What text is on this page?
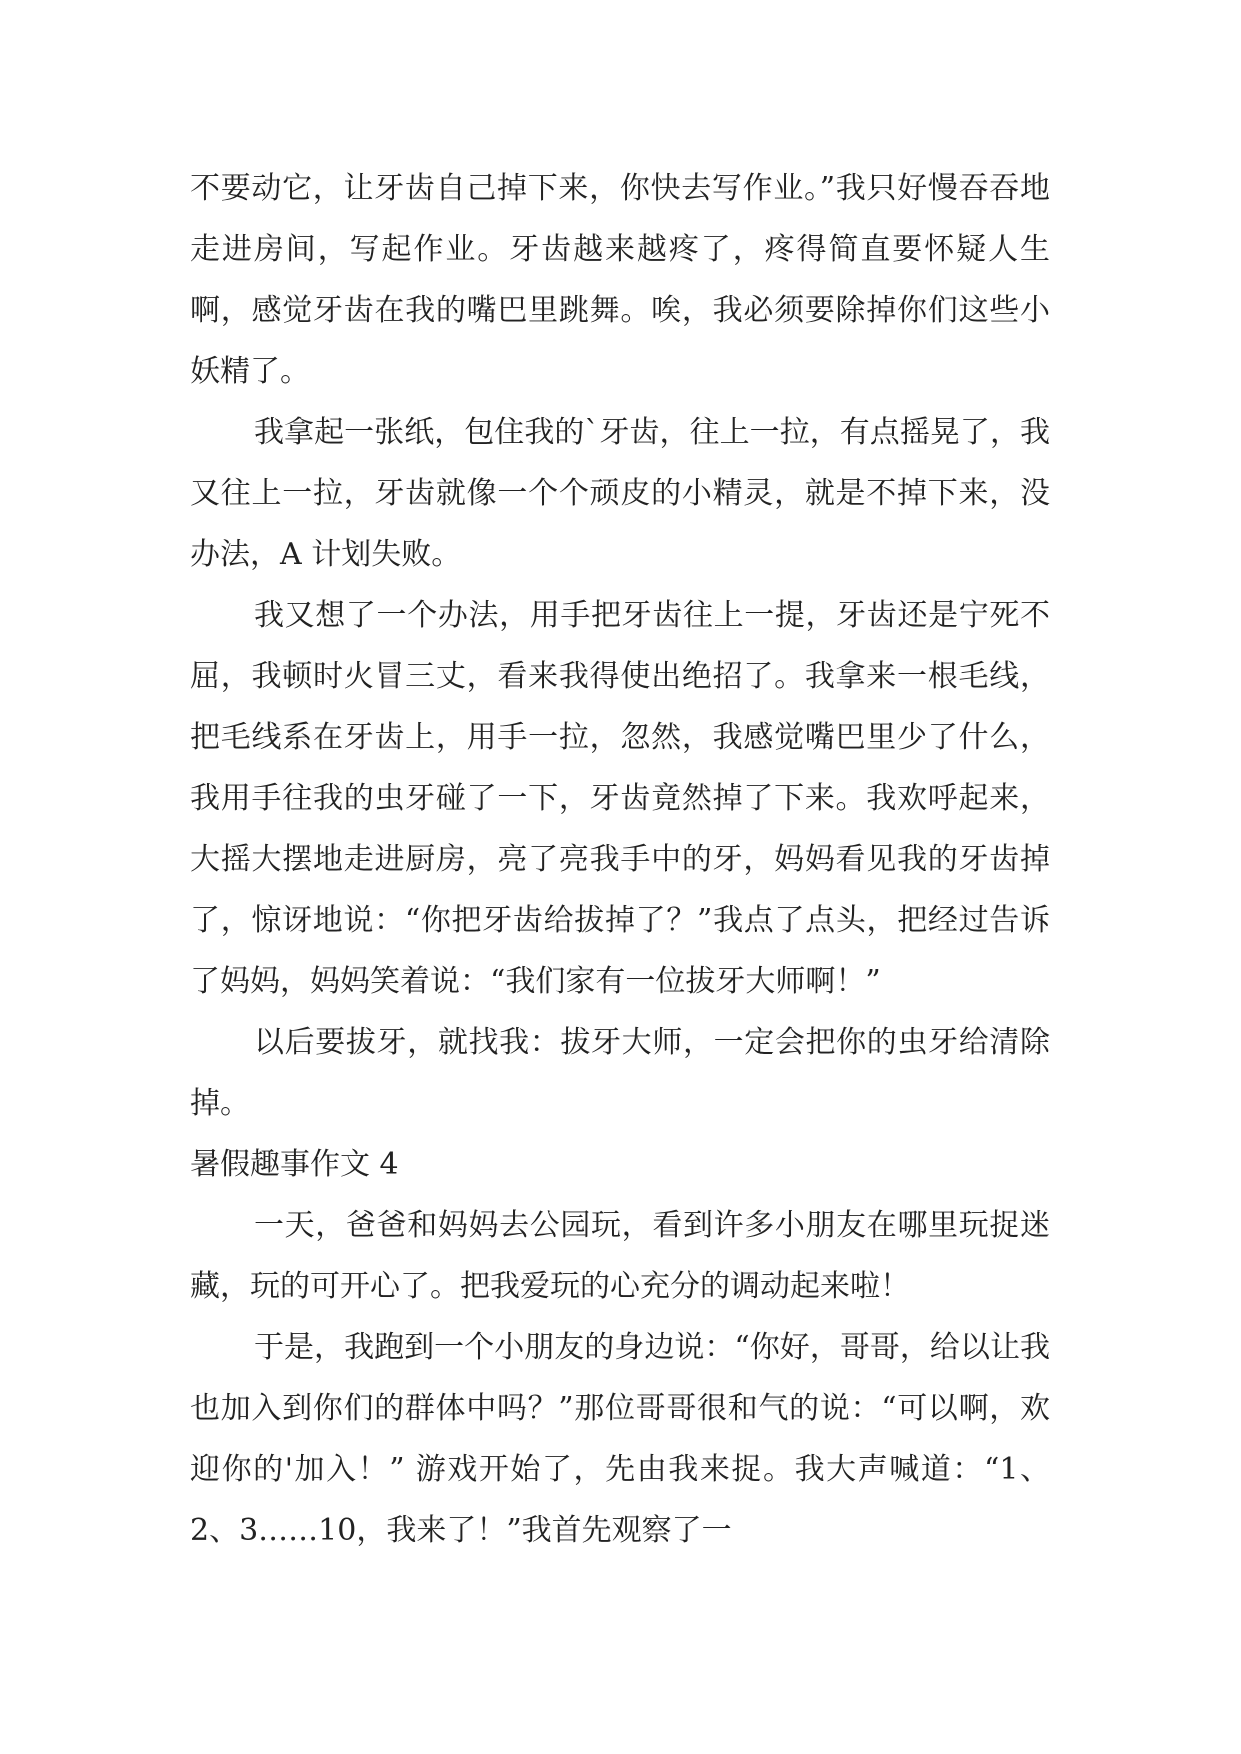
不要动它，让牙齿自己掉下来，你快去写作业。”我只好慢吞吞地走进房间，写起作业。牙齿越来越疼了，疼得简直要怀疑人生啊，感觉牙齿在我的嘴巴里跳舞。唉，我必须要除掉你们这些小妖精了。

我拿起一张纸，包住我的`牙齿，往上一拉，有点摇晃了，我又往上一拉，牙齿就像一个个顽皮的小精灵，就是不掉下来，没办法，A 计划失败。

我又想了一个办法，用手把牙齿往上一提，牙齿还是宁死不屈，我顿时火冒三丈，看来我得使出绝招了。我拿来一根毛线，把毛线系在牙齿上，用手一拉，忽然，我感觉嘴巴里少了什么，我用手往我的虫牙碰了一下，牙齿竟然掉了下来。我欢呼起来，大摇大摆地走进厨房，亮了亮我手中的牙，妈妈看见我的牙齿掉了，惊讶地说：“你把牙齿给拔掉了？”我点了点头，把经过告诉了妈妈，妈妈笑着说：“我们家有一位拔牙大师啊！”

以后要拔牙，就找我：拔牙大师，一定会把你的虫牙给清除掉。

暑假趣事作文 4

一天，爸爸和妈妈去公园玩，看到许多小朋友在哪里玩捉迷藏，玩的可开心了。把我爱玩的心充分的调动起来啦！

于是，我跑到一个小朋友的身边说：“你好，哥哥，给以让我也加入到你们的群体中吗？”那位哥哥很和气的说：“可以啊，欢迎你的'加入！” 游戏开始了，先由我来捉。我大声喊道：“1、2、3……10，我来了！”我首先观察了一
